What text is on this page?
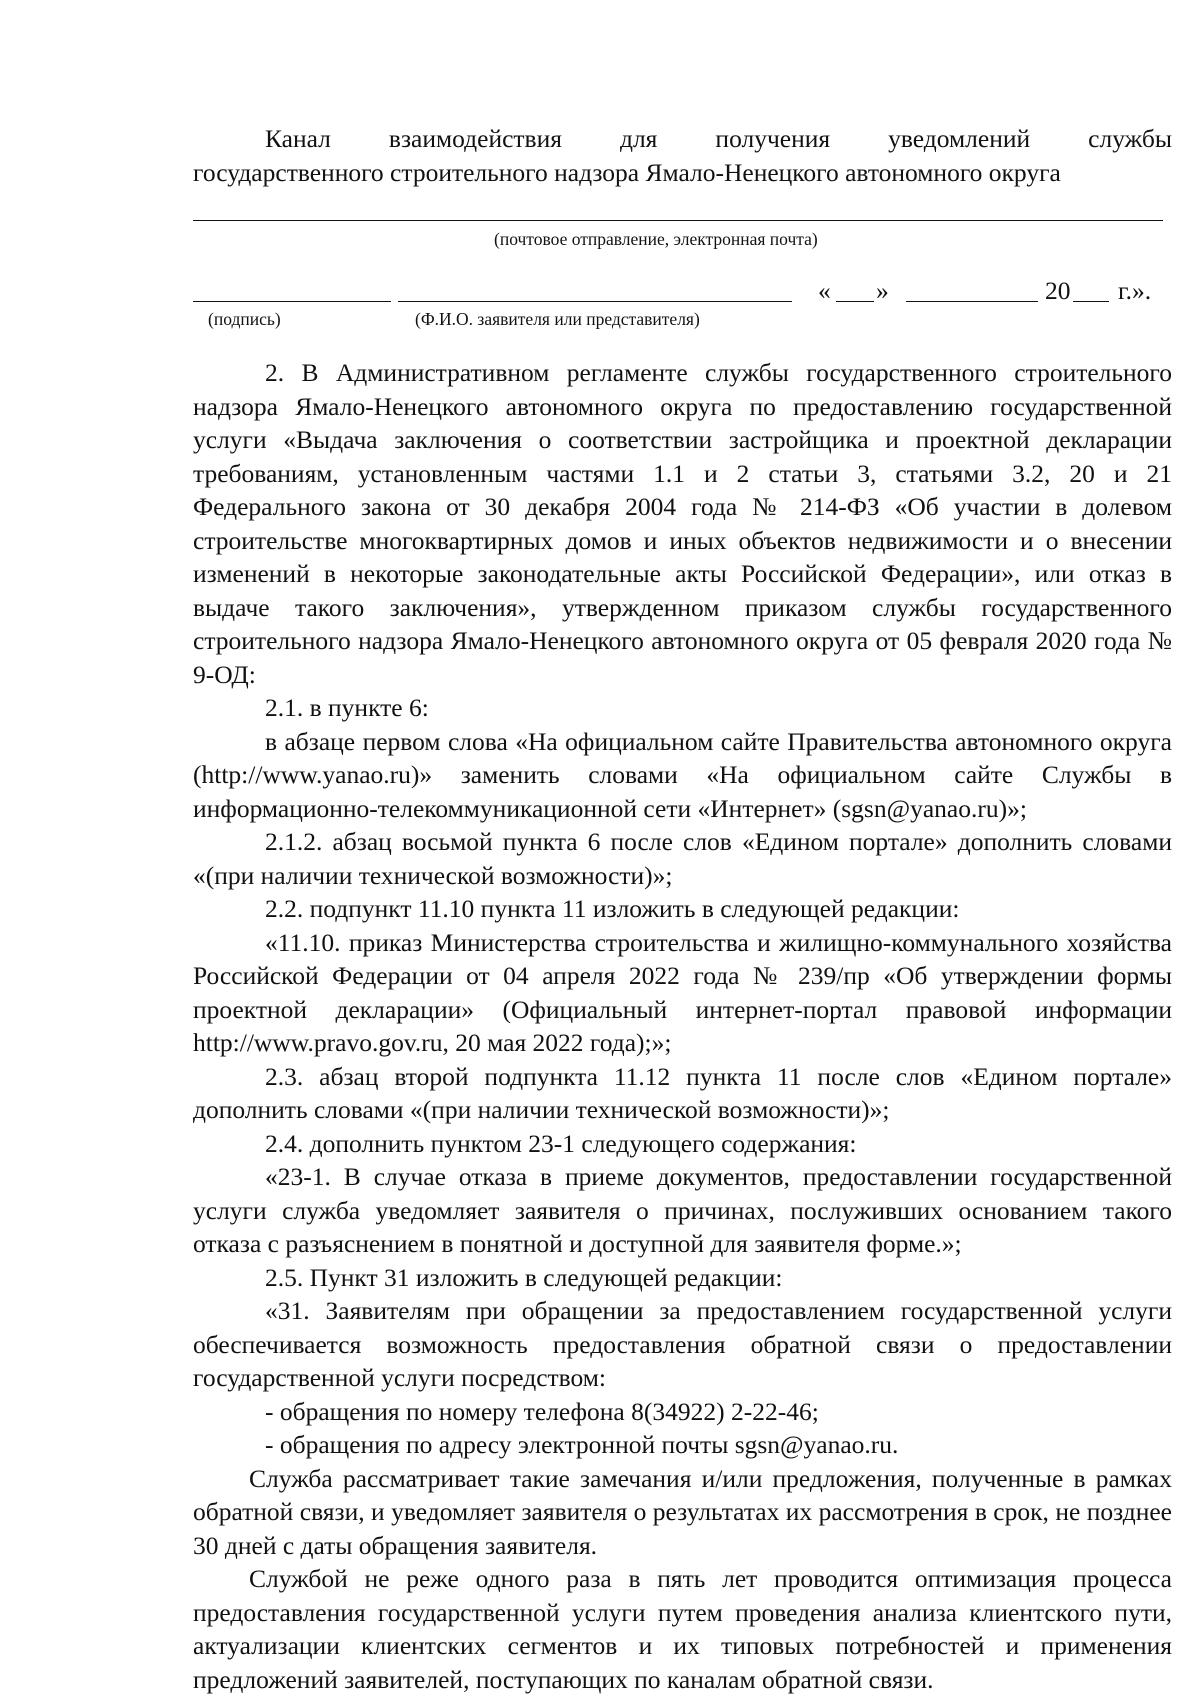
Канал взаимодействия для получения уведомлений службы

государственного строительного надзора Ямало-Ненецкого автономного округа

(почтовое отправление, электронная почта)
« »	20 г.».
(подпись)	(Ф.И.О. заявителя или представителя)

2. В Административном регламенте службы государственного строительного надзора Ямало-Ненецкого автономного округа по предоставлению государственной услуги «Выдача заключения о соответствии застройщика и проектной декларации требованиям, установленным частями 1.1 и 2 статьи 3, статьями 3.2, 20 и 21 Федерального закона от 30 декабря 2004 года № 214-ФЗ «Об участии в долевом строительстве многоквартирных домов и иных объектов недвижимости и о внесении изменений в некоторые законодательные акты Российской Федерации», или отказ в выдаче такого заключения», утвержденном приказом службы государственного строительного надзора Ямало-Ненецкого автономного округа от 05 февраля 2020 года № 9-ОД:

2.1. в пункте 6:

в абзаце первом слова «На официальном сайте Правительства автономного округа (http://www.yanao.ru)» заменить словами «На официальном сайте Службы в информационно-телекоммуникационной сети «Интернет» (sgsn@yanao.ru)»;

2.1.2. абзац восьмой пункта 6 после слов «Едином портале» дополнить словами «(при наличии технической возможности)»;

2.2. подпункт 11.10 пункта 11 изложить в следующей редакции:

«11.10. приказ Министерства строительства и жилищно-коммунального хозяйства Российской Федерации от 04 апреля 2022 года № 239/пр «Об утверждении формы проектной декларации» (Официальный интернет-портал правовой информации http://www.pravo.gov.ru, 20 мая 2022 года);»;

2.3. абзац второй подпункта 11.12 пункта 11 после слов «Едином портале» дополнить словами «(при наличии технической возможности)»;

2.4. дополнить пунктом 23-1 следующего содержания:

«23-1. В случае отказа в приеме документов, предоставлении государственной услуги служба уведомляет заявителя о причинах, послуживших основанием такого отказа с разъяснением в понятной и доступной для заявителя форме.»;

2.5. Пункт 31 изложить в следующей редакции:

«31. Заявителям при обращении за предоставлением государственной услуги обеспечивается возможность предоставления обратной связи о предоставлении государственной услуги посредством:

- обращения по номеру телефона 8(34922) 2-22-46;

- обращения по адресу электронной почты sgsn@yanao.ru.

Служба рассматривает такие замечания и/или предложения, полученные в рамках обратной связи, и уведомляет заявителя о результатах их рассмотрения в срок, не позднее 30 дней с даты обращения заявителя.

Службой не реже одного раза в пять лет проводится оптимизация процесса предоставления государственной услуги путем проведения анализа клиентского пути, актуализации клиентских сегментов и их типовых потребностей и применения предложений заявителей, поступающих по каналам обратной связи.
